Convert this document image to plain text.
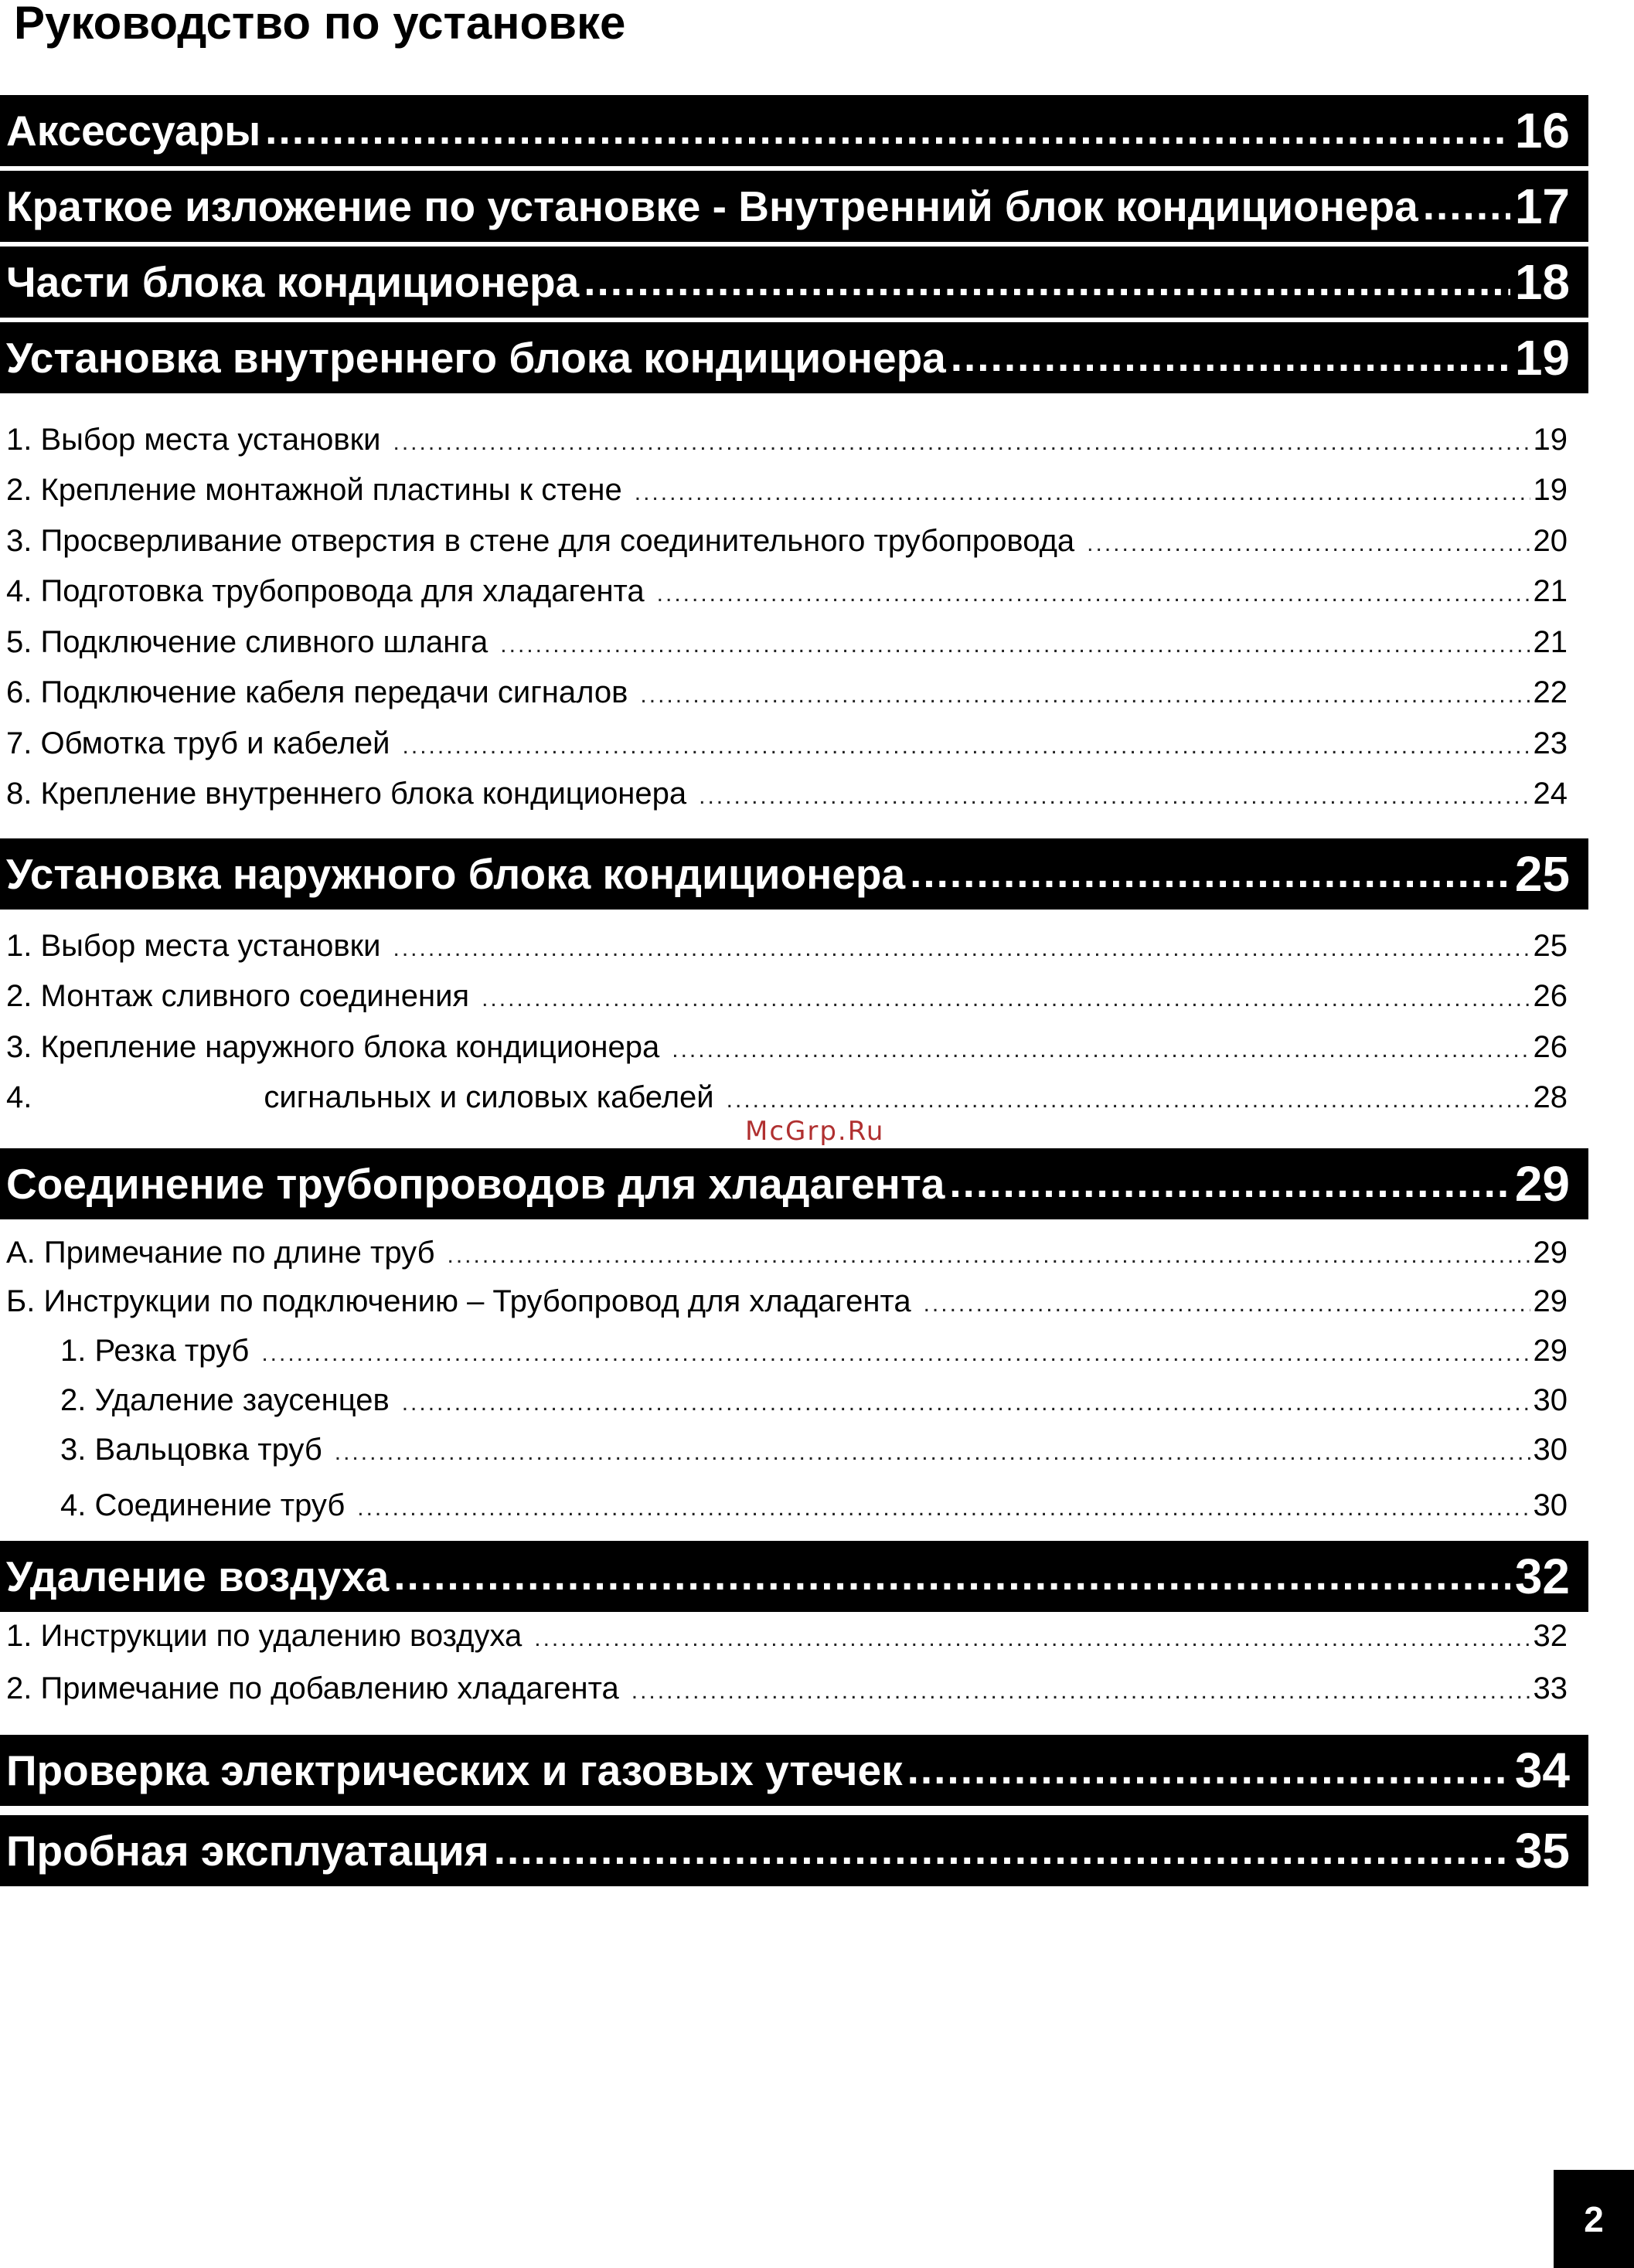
Руководство по установке
Аксессуары .....	16
Краткое изложение по установке - Внутренний блок кондиционера ..... 17
Части блока кондиционера .....	18
Установка внутреннего блока кондиционера .....	19
1. Выбор места установки .....	19
2. Крепление монтажной пластины к стене .....	19
3. Просверливание отверстия в стене для соединительного трубопровода .....	20
4. Подготовка трубопровода для хладагента .....	21
5. Подключение сливного шланга .....	21
6. Подключение кабеля передачи сигналов .....	22
7. Обмотка труб и кабелей .....	23
8. Крепление внутреннего блока кондиционера .....	24
Установка наружного блока кондиционера .....	25
1. Выбор места установки .....	25
2. Монтаж сливного соединения .....	26
3. Крепление наружного блока кондиционера .....	26
4.	сигнальных и силовых кабелей .....	28
McGrp.Ru
Соединение трубопроводов для хладагента .....	29
А. Примечание по длине труб .....	29
Б. Инструкции по подключению – Трубопровод для хладагента .....	29
1. Резка труб .....	29
2. Удаление заусенцев .....	30
3. Вальцовка труб .....	30
4. Соединение труб .....	30
Удаление воздуха .....	32
1. Инструкции по удалению воздуха .....	32
2. Примечание по добавлению хладагента .....	33
Проверка электрических и газовых утечек .....	34
Пробная эксплуатация .....	35
2
